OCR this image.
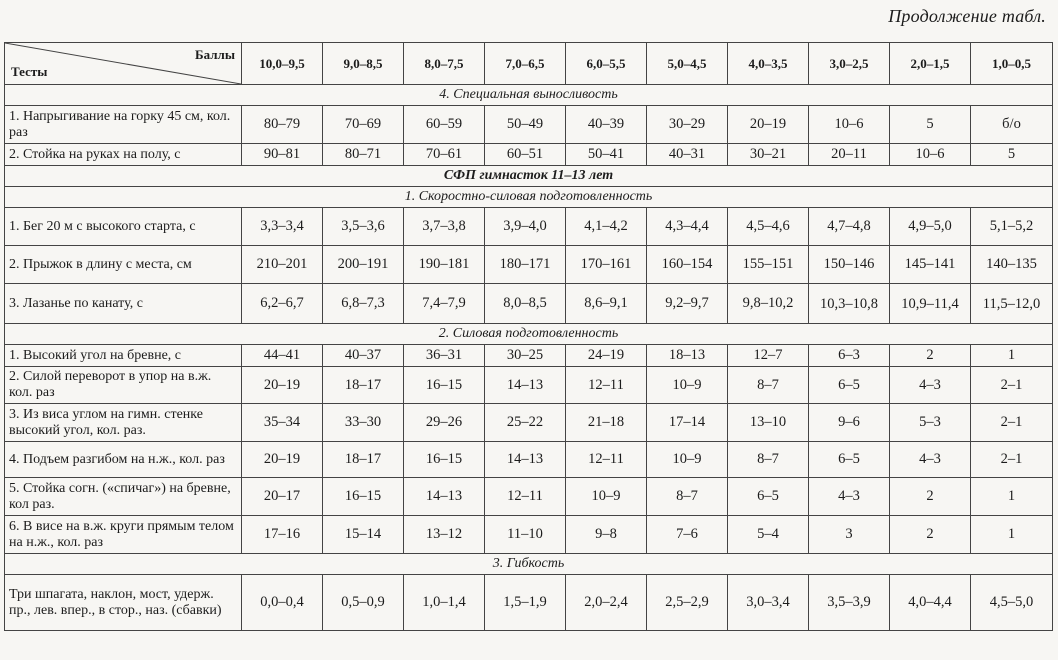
Продолжение табл.
Баллы
Тесты	10,0–9,5	9,0–8,5	8,0–7,5	7,0–6,5	6,0–5,5	5,0–4,5	4,0–3,5	3,0–2,5	2,0–1,5	1,0–0,5
4. Специальная выносливость										
1. Напрыгивание на горку 45 см, кол. раз	80–79	70–69	60–59	50–49	40–39	30–29	20–19	10–6	5	б/о
2. Стойка на руках на полу, с	90–81	80–71	70–61	60–51	50–41	40–31	30–21	20–11	10–6	5
СФП гимнасток 11–13 лет										
1. Скоростно-силовая подготовленность										
1. Бег 20 м с высокого старта, с	3,3–3,4	3,5–3,6	3,7–3,8	3,9–4,0	4,1–4,2	4,3–4,4	4,5–4,6	4,7–4,8	4,9–5,0	5,1–5,2
2. Прыжок в длину с места, см	210–201	200–191	190–181	180–171	170–161	160–154	155–151	150–146	145–141	140–135
3. Лазанье по канату, с	6,2–6,7	6,8–7,3	7,4–7,9	8,0–8,5	8,6–9,1	9,2–9,7	9,8–10,2	10,3–10,8	10,9–11,4	11,5–12,0
2. Силовая подготовленность										
1. Высокий угол на бревне, с	44–41	40–37	36–31	30–25	24–19	18–13	12–7	6–3	2	1
2. Силой переворот в упор на в.ж. кол. раз	20–19	18–17	16–15	14–13	12–11	10–9	8–7	6–5	4–3	2–1
3. Из виса углом на гимн. стенке высокий угол, кол. раз.	35–34	33–30	29–26	25–22	21–18	17–14	13–10	9–6	5–3	2–1
4. Подъем разгибом на н.ж., кол. раз	20–19	18–17	16–15	14–13	12–11	10–9	8–7	6–5	4–3	2–1
5. Стойка согн. («спичаг») на бревне, кол раз.	20–17	16–15	14–13	12–11	10–9	8–7	6–5	4–3	2	1
6. В висе на в.ж. круги прямым телом на н.ж., кол. раз	17–16	15–14	13–12	11–10	9–8	7–6	5–4	3	2	1
3. Гибкость										
Три шпагата, наклон, мост, удерж. пр., лев. впер., в стор., наз. (сбавки)	0,0–0,4	0,5–0,9	1,0–1,4	1,5–1,9	2,0–2,4	2,5–2,9	3,0–3,4	3,5–3,9	4,0–4,4	4,5–5,0
